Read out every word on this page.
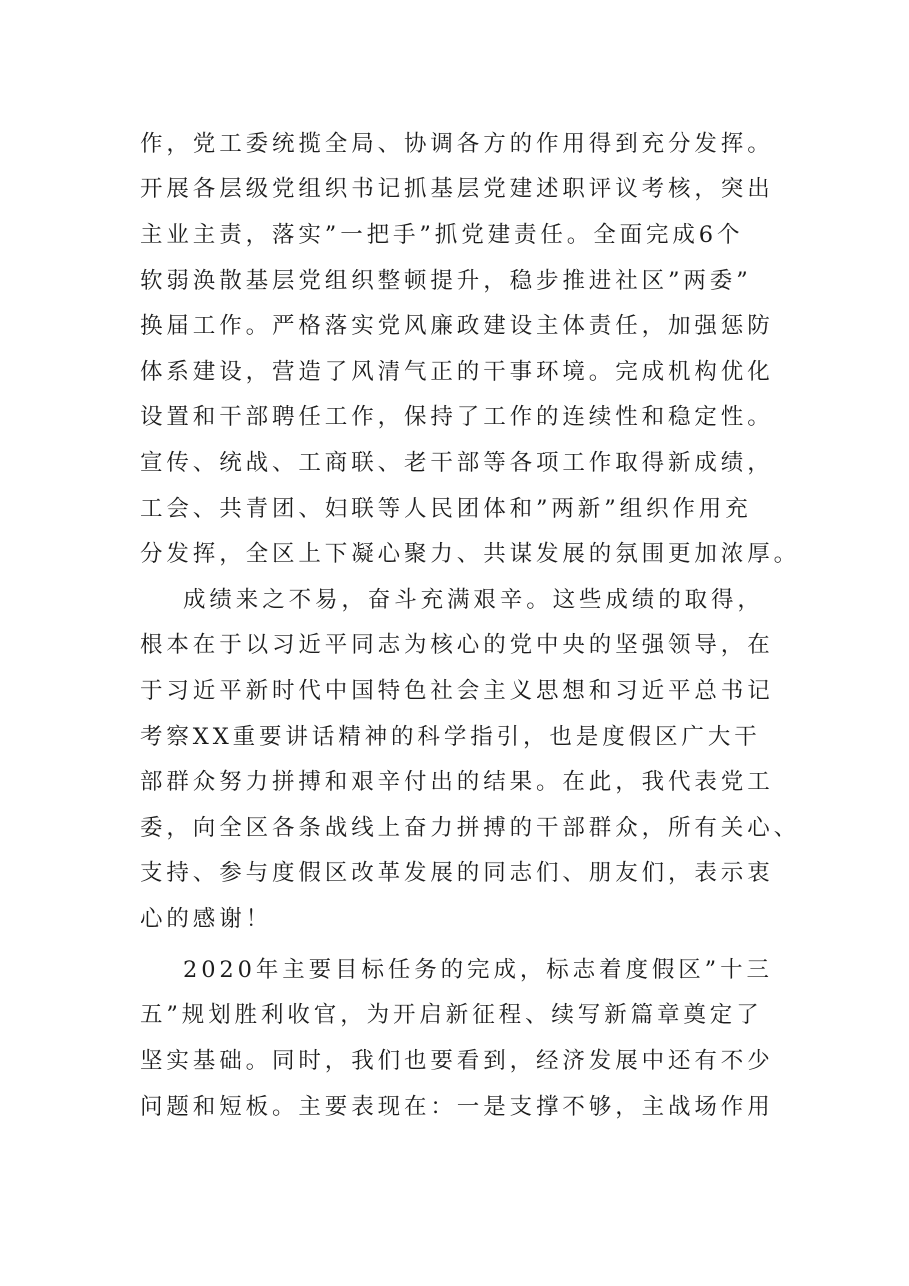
作，党工委统揽全局、协调各方的作用得到充分发挥。
开展各层级党组织书记抓基层党建述职评议考核，突出
主业主责，落实”一把手”抓党建责任。全面完成6个
软弱涣散基层党组织整顿提升，稳步推进社区”两委”
换届工作。严格落实党风廉政建设主体责任，加强惩防
体系建设，营造了风清气正的干事环境。完成机构优化
设置和干部聘任工作，保持了工作的连续性和稳定性。
宣传、统战、工商联、老干部等各项工作取得新成绩，
工会、共青团、妇联等人民团体和”两新”组织作用充
分发挥，全区上下凝心聚力、共谋发展的氛围更加浓厚。
成绩来之不易，奋斗充满艰辛。这些成绩的取得，
根本在于以习近平同志为核心的党中央的坚强领导，在
于习近平新时代中国特色社会主义思想和习近平总书记
考察XX重要讲话精神的科学指引，也是度假区广大干
部群众努力拼搏和艰辛付出的结果。在此，我代表党工
委，向全区各条战线上奋力拼搏的干部群众，所有关心、
支持、参与度假区改革发展的同志们、朋友们，表示衷
心的感谢！
2020年主要目标任务的完成，标志着度假区”十三
五”规划胜利收官，为开启新征程、续写新篇章奠定了
坚实基础。同时，我们也要看到，经济发展中还有不少
问题和短板。主要表现在：一是支撑不够，主战场作用
